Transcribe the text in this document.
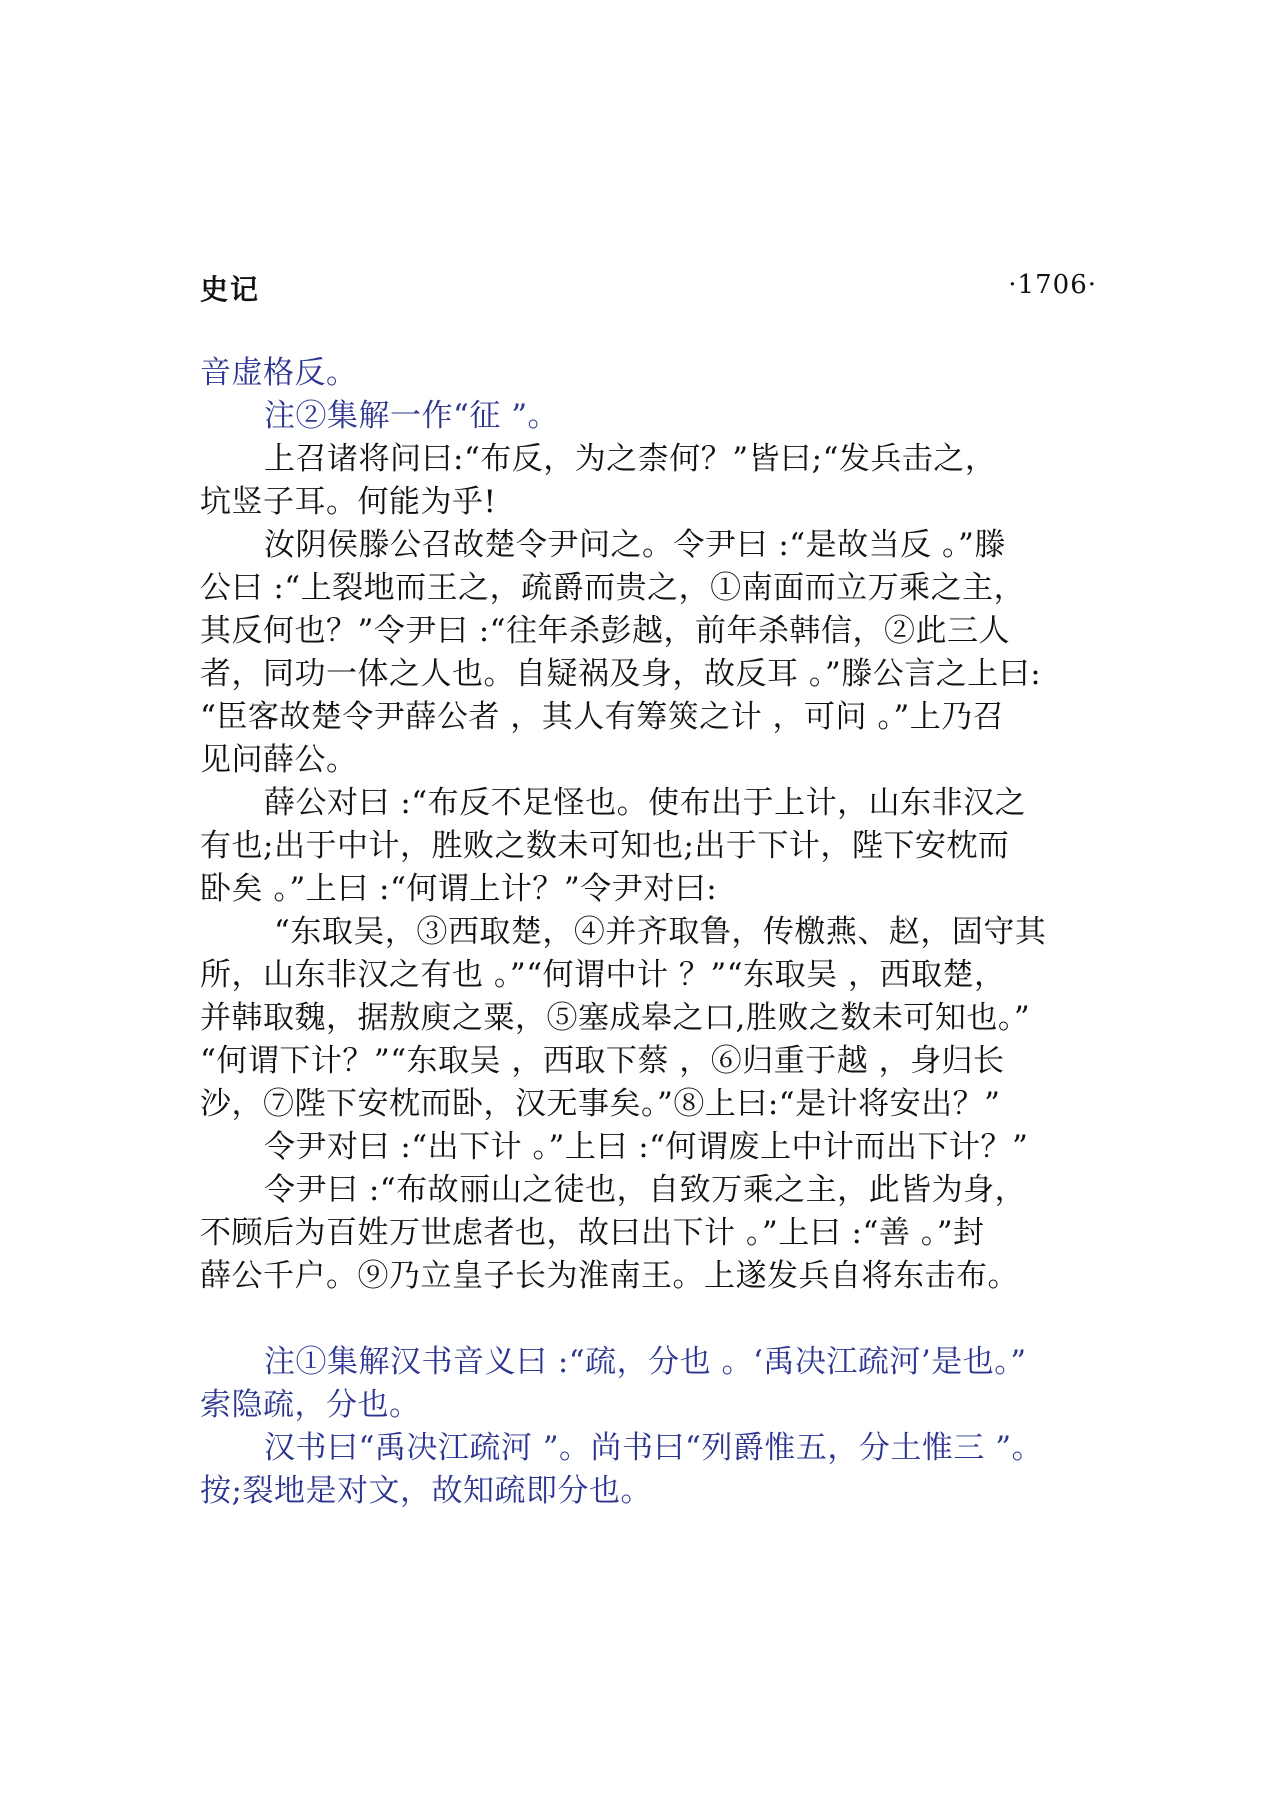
史记	·1706·
音虚格反。
注②集解一作“征 ”。
上召诸将问曰:“布反，为之柰何？”皆曰;“发兵击之，
坑竖子耳。何能为乎!
汝阴侯滕公召故楚令尹问之。令尹曰 :“是故当反 。”滕
公曰 :“上裂地而王之，疏爵而贵之，①南面而立万乘之主，
其反何也？”令尹曰 :“往年杀彭越，前年杀韩信，②此三人
者，同功一体之人也。自疑祸及身，故反耳 。”滕公言之上曰:
“臣客故楚令尹薛公者 ，其人有筹筴之计 ，可问 。”上乃召
见问薛公。
薛公对曰 :“布反不足怪也。使布出于上计，山东非汉之
有也;出于中计，胜败之数未可知也;出于下计，陛下安枕而
卧矣 。”上曰 :“何谓上计？”令尹对曰:
“东取吴，③西取楚，④并齐取鲁，传檄燕、赵，固守其
所，山东非汉之有也 。”“何谓中计 ？”“东取吴 ，西取楚，
并韩取魏，据敖庾之粟，⑤塞成皋之口,胜败之数未可知也。”
“何谓下计？”“东取吴 ，西取下蔡 ，⑥归重于越 ，身归长
沙，⑦陛下安枕而卧，汉无事矣。”⑧上曰:“是计将安出？”
令尹对曰 :“出下计 。”上曰 :“何谓废上中计而出下计？”
令尹曰 :“布故丽山之徒也，自致万乘之主，此皆为身，
不顾后为百姓万世虑者也，故曰出下计 。”上曰 :“善 。”封
薛公千户。⑨乃立皇子长为淮南王。上遂发兵自将东击布。
注①集解汉书音义曰 :“疏，分也 。‘禹决江疏河’是也。”
索隐疏，分也。
汉书曰“禹决江疏河 ”。尚书曰“列爵惟五，分土惟三 ”。
按;裂地是对文，故知疏即分也。
